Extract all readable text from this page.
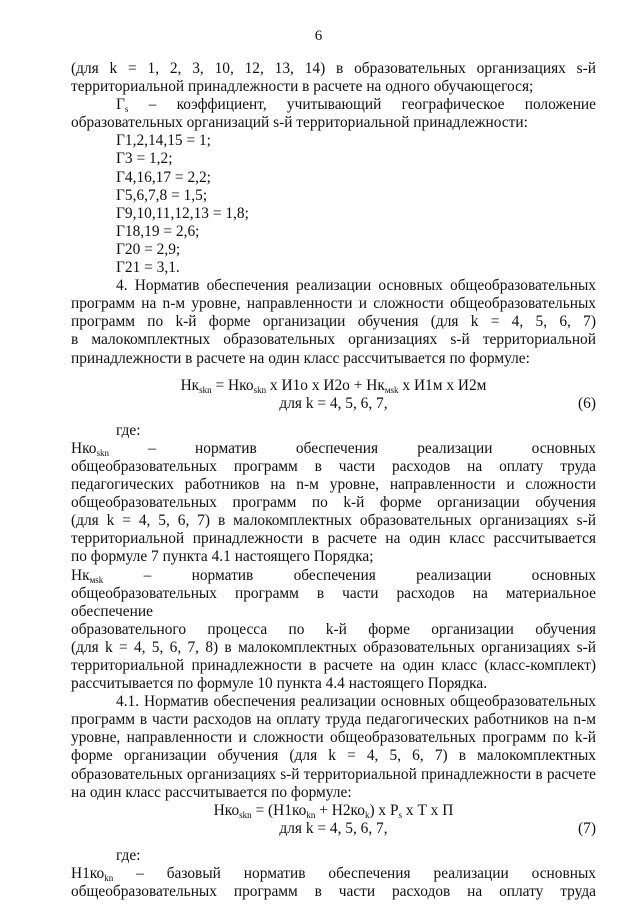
6
(для k = 1, 2, 3, 10, 12, 13, 14) в образовательных организациях s-й
территориальной принадлежности в расчете на одного обучающегося;
$Г_s$ – коэффициент, учитывающий географическое положение
образовательных организаций s-й территориальной принадлежности:
Г1,2,14,15 = 1;
Г3 = 1,2;
Г4,16,17 = 2,2;
Г5,6,7,8 = 1,5;
Г9,10,11,12,13 = 1,8;
Г18,19 = 2,6;
Г20 = 2,9;
Г21 = 3,1.
4. Норматив обеспечения реализации основных общеобразовательных
программ на n-м уровне, направленности и сложности общеобразовательных
программ по k-й форме организации обучения (для k = 4, 5, 6, 7)
в малокомплектных образовательных организациях s-й территориальной
принадлежности в расчете на один класс рассчитывается по формуле:
$Нк_{skn} = Нко_{skn}$ х И1о х $И2о + Нк_{мsk}$ х И1м х И2м
для k = 4, 5, 6, 7,	(6)
где:
Нко$_{skn}$ – норматив обеспечения реализации основных
общеобразовательных программ в части расходов на оплату труда
педагогических работников на n-м уровне, направленности и сложности
общеобразовательных программ по k-й форме организации обучения
(для k = 4, 5, 6, 7) в малокомплектных образовательных организациях s-й
территориальной принадлежности в расчете на один класс рассчитывается
по формуле 7 пункта 4.1 настоящего Порядка;
$Нк_{мsk}$ – норматив обеспечения реализации основных
общеобразовательных программ в части расходов на материальное обеспечение
образовательного процесса по k-й форме организации обучения
(для k = 4, 5, 6, 7, 8) в малокомплектных образовательных организациях s-й
территориальной принадлежности в расчете на один класс (класс-комплект)
рассчитывается по формуле 10 пункта 4.4 настоящего Порядка.
4.1. Норматив обеспечения реализации основных общеобразовательных
программ в части расходов на оплату труда педагогических работников на n-м
уровне, направленности и сложности общеобразовательных программ по k-й
форме организации обучения (для k = 4, 5, 6, 7) в малокомплектных
образовательных организациях s-й территориальной принадлежности в расчете
на один класс рассчитывается по формуле:
$Нко_{skn} = (Н1ко_{kn} + Н2ко_k)$ х $Р_s$ х Т х П
для k = 4, 5, 6, 7,	(7)
где:
$Н1ко_{kn}$ – базовый норматив обеспечения реализации основных
общеобразовательных программ в части расходов на оплату труда
